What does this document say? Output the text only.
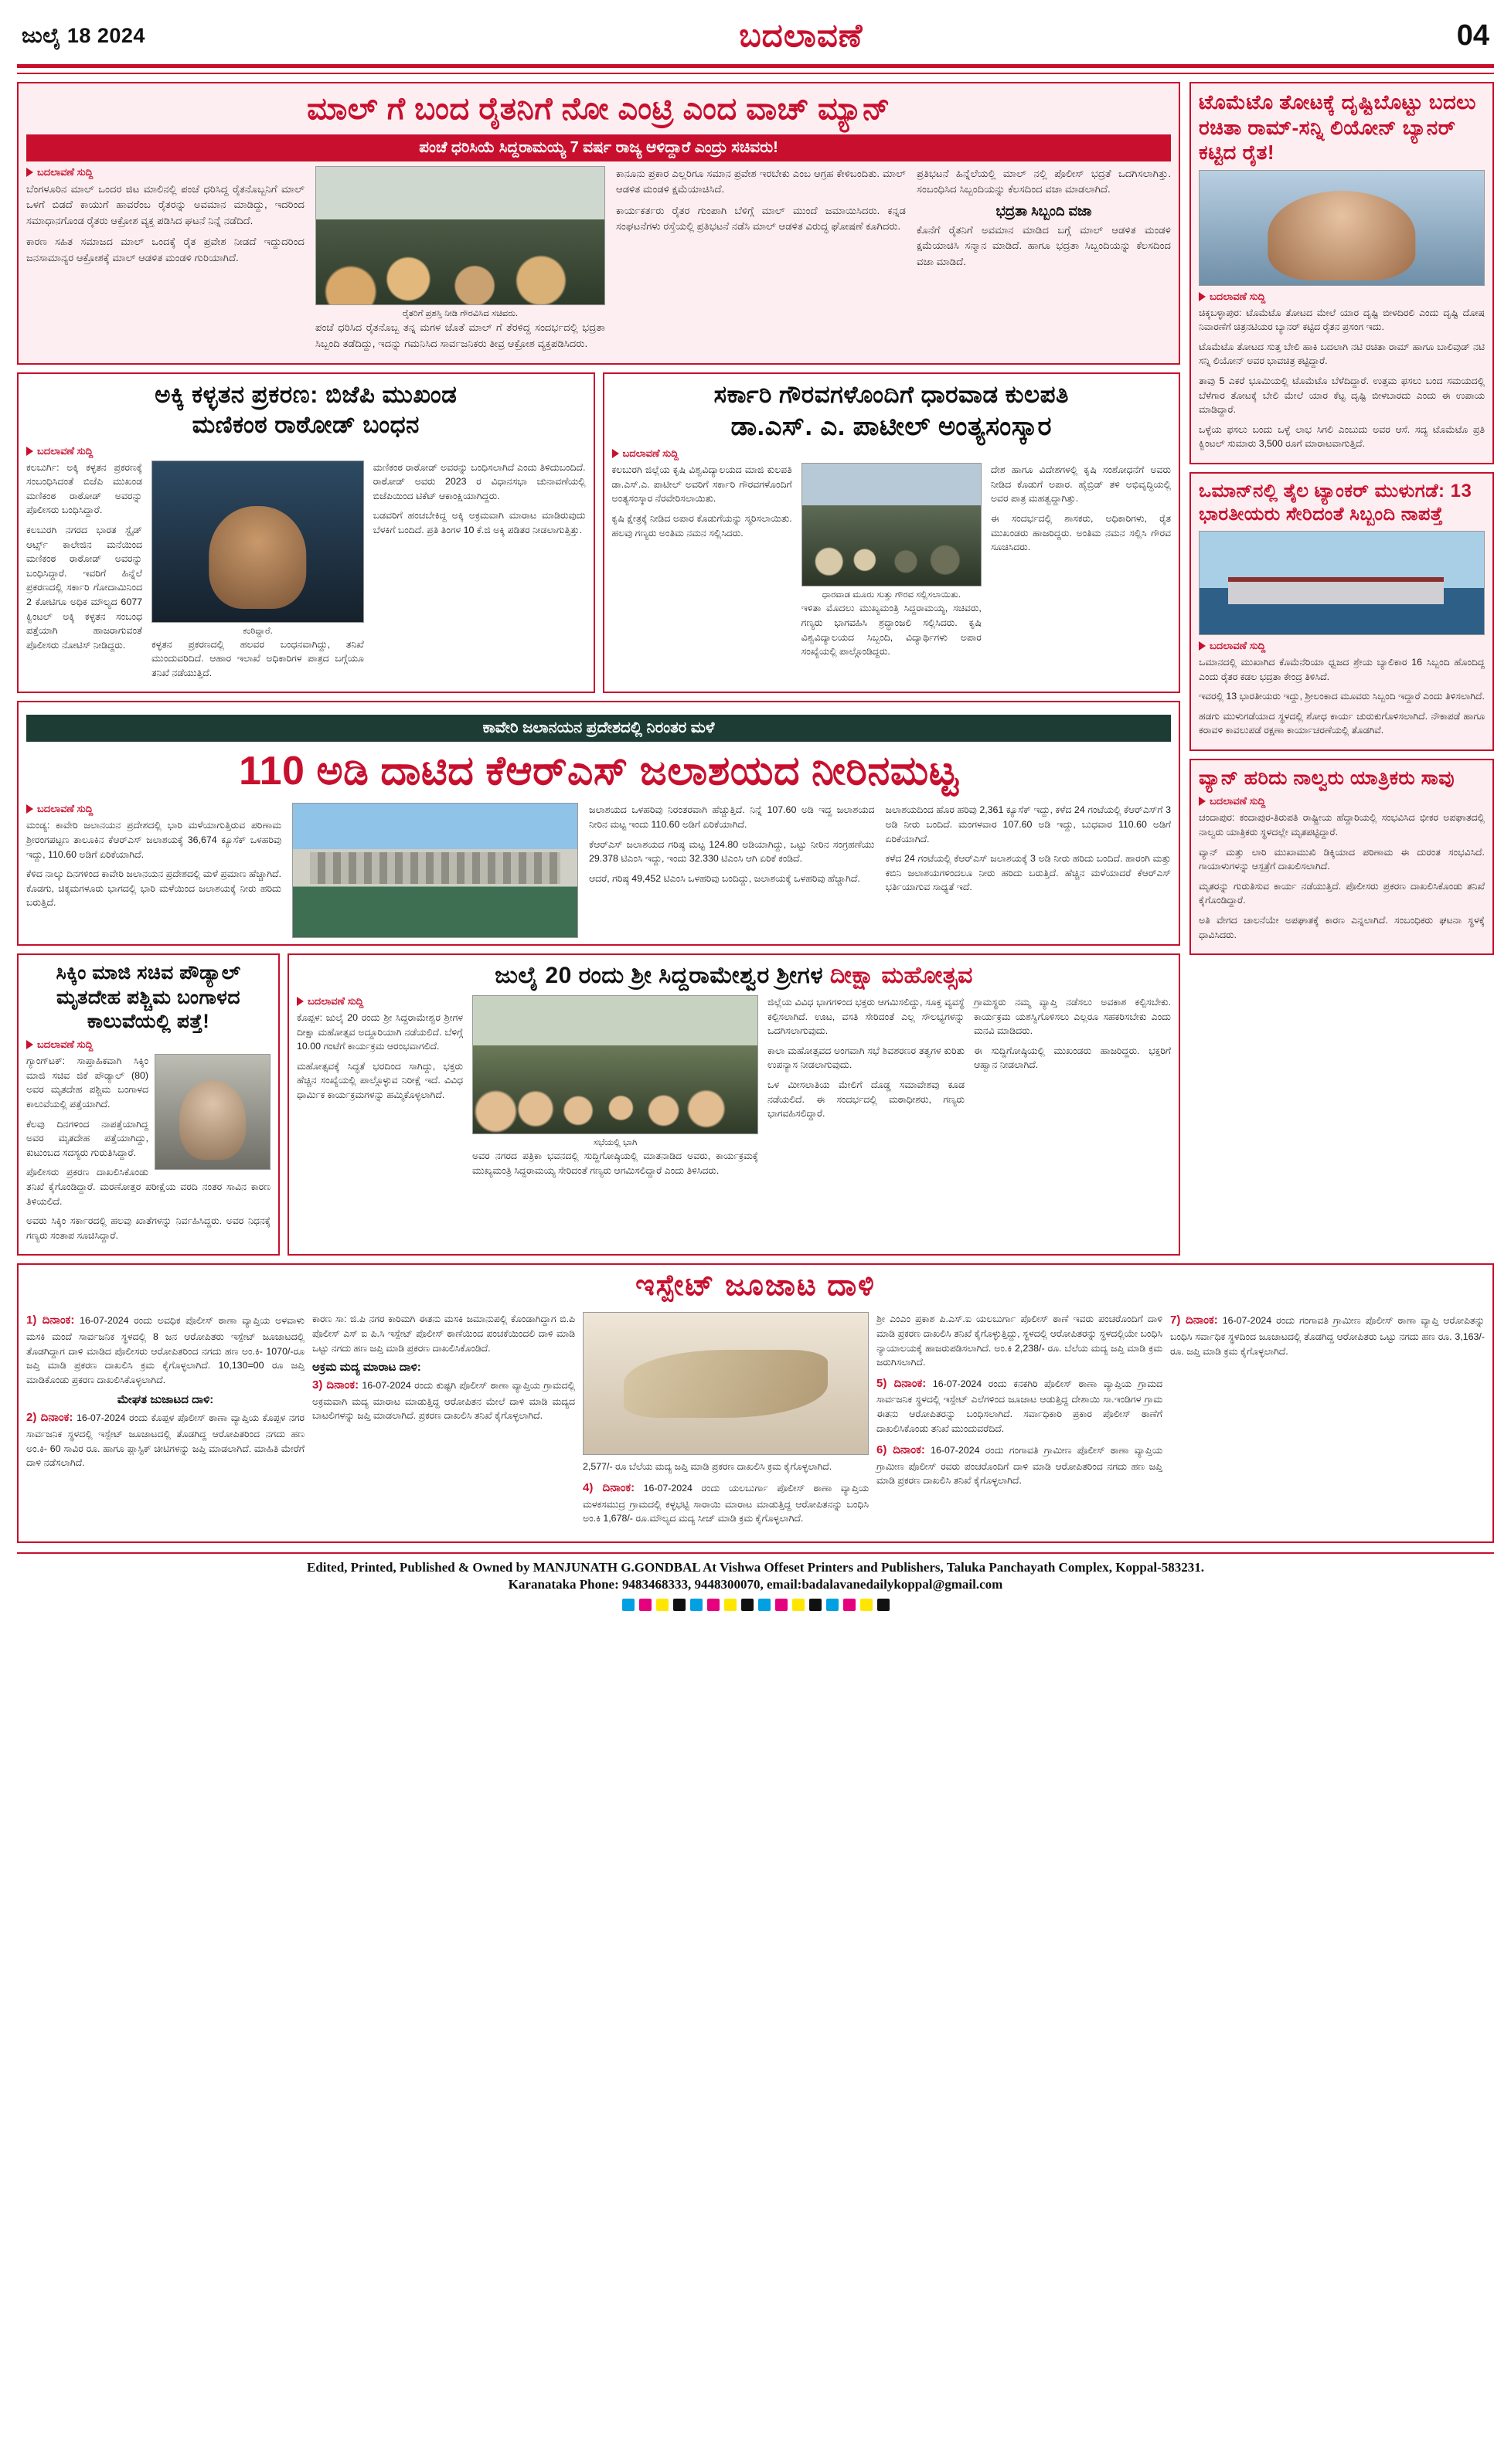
ಜುಲೈ 18 2024	ಬದಲಾವಣೆ	04
ಮಾಲ್ ಗೆ ಬಂದ ರೈತನಿಗೆ ನೋ ಎಂಟ್ರಿ ಎಂದ ವಾಚ್ ಮ್ಯಾನ್
ಪಂಚೆ ಧರಿಸಿಯೆ ಸಿದ್ದರಾಮಯ್ಯ 7 ವರ್ಷ ರಾಜ್ಯ ಆಳಿದ್ದಾರೆ ಎಂದ್ರು ಸಚಿವರು!
ಬದಲಾವಣೆ ಸುದ್ದಿ

ಬೆಂಗಳೂರಿನ ಮಾಲ್ ಒಂದರ ಜಿಟ ಮಾಲಿನಲ್ಲಿ ಪಂಚೆ ಧರಿಸಿದ್ದ ರೈತನೊಬ್ಬನಿಗೆ ಮಾಲ್ ಒಳಗೆ ಬಿಡದೆ ಕಾಯುಗೆ ಹಾವರೆಂಬ ರೈತರನ್ನು ಅವಮಾನ ಮಾಡಿದ್ದು, ಇದರಿಂದ ಸಮಾಧಾನಗೊಂಡ ರೈತರು ಆಕ್ರೋಶ ವ್ಯಕ್ತ ಪಡಿಸಿದ ಘಟನೆ ನಿನ್ನೆ ನಡೆದಿದೆ.

ಕಾರಣ ಸಹಿತ ಸಮಾಜದ ಮಾಲ್ ಒಂದಕ್ಕೆ ರೈತ ಪ್ರವೇಶ ನೀಡದೆ ಇದ್ದುದರಿಂದ ಜನಸಾಮಾನ್ಯರ ಆಕ್ರೋಶಕ್ಕೆ ಮಾಲ್ ಆಡಳಿತ ಮಂಡಳಿ ಗುರಿಯಾಗಿದೆ.

ರೈತರಿಗೆ ಪ್ರಶಸ್ತಿ ನೀಡಿ ಗೌರವಿಸಿದ ಸಚಿವರು.

ಪಂಚೆ ಧರಿಸಿದ ರೈತನೊಬ್ಬ ತನ್ನ ಮಗಳ ಜೊತೆ ಮಾಲ್ ಗೆ ತೆರಳಿದ್ದ ಸಂದರ್ಭದಲ್ಲಿ ಭದ್ರತಾ ಸಿಬ್ಬಂದಿ ತಡೆದಿದ್ದು, ಇದನ್ನು ಗಮನಿಸಿದ ಸಾರ್ವಜನಿಕರು ತೀವ್ರ ಆಕ್ರೋಶ ವ್ಯಕ್ತಪಡಿಸಿದರು.

ಕಾನೂನು ಪ್ರಕಾರ ಎಲ್ಲರಿಗೂ ಸಮಾನ ಪ್ರವೇಶ ಇರಬೇಕು ಎಂಬ ಆಗ್ರಹ ಕೇಳಿಬಂದಿತು. ಮಾಲ್ ಆಡಳಿತ ಮಂಡಳಿ ಕ್ಷಮೆಯಾಚಿಸಿದೆ.

ಕಾರ್ಯಕರ್ತರು ರೈತರ ಗುಂಪಾಗಿ ಬೆಳಿಗ್ಗೆ ಮಾಲ್ ಮುಂದೆ ಜಮಾಯಿಸಿದರು. ಕನ್ನಡ ಸಂಘಟನೆಗಳು ರಸ್ತೆಯಲ್ಲಿ ಪ್ರತಿಭಟನೆ ನಡೆಸಿ ಮಾಲ್ ಆಡಳಿತ ವಿರುದ್ಧ ಘೋಷಣೆ ಕೂಗಿದರು.

ಪ್ರತಿಭಟನೆ ಹಿನ್ನೆಲೆಯಲ್ಲಿ ಮಾಲ್ ನಲ್ಲಿ ಪೊಲೀಸ್ ಭದ್ರತೆ ಒದಗಿಸಲಾಗಿತ್ತು. ಸಂಬಂಧಿಸಿದ ಸಿಬ್ಬಂದಿಯನ್ನು ಕೆಲಸದಿಂದ ವಜಾ ಮಾಡಲಾಗಿದೆ.

ಭದ್ರತಾ ಸಿಬ್ಬಂದಿ ವಜಾ

ಕೊನೆಗೆ ರೈತನಿಗೆ ಅವಮಾನ ಮಾಡಿದ ಬಗ್ಗೆ ಮಾಲ್ ಆಡಳಿತ ಮಂಡಳಿ ಕ್ಷಮೆಯಾಚಿಸಿ ಸನ್ಮಾನ ಮಾಡಿದೆ. ಹಾಗೂ ಭದ್ರತಾ ಸಿಬ್ಬಂದಿಯನ್ನು ಕೆಲಸದಿಂದ ವಜಾ ಮಾಡಿದೆ.

ಅಕ್ಕಿ ಕಳ್ಳತನ ಪ್ರಕರಣ: ಬಿಜೆಪಿ ಮುಖಂಡ
ಮಣಿಕಂಠ ರಾಠೋಡ್ ಬಂಧನ
ಬದಲಾವಣೆ ಸುದ್ದಿ

ಕಲಬುರ್ಗಿ: ಅಕ್ಕಿ ಕಳ್ಳತನ ಪ್ರಕರಣಕ್ಕೆ ಸಂಬಂಧಿಸಿದಂತೆ ಬಿಜೆಪಿ ಮುಖಂಡ ಮಣಿಕಂಠ ರಾಠೋಡ್ ಅವರನ್ನು ಪೊಲೀಸರು ಬಂಧಿಸಿದ್ದಾರೆ.

ಕಲಬುರಗಿ ನಗರದ ಭಾರತ ಸ್ಟೈಡ್ ಆರ್ಟ್ಸ್ ಕಾಲೇಜಿನ ಮನೆಯಿಂದ ಮಣಿಕಂಠ ರಾಠೋಡ್ ಅವರನ್ನು ಬಂಧಿಸಿದ್ದಾರೆ. ಇವರಿಗೆ ಹಿನ್ನೆಲೆ ಪ್ರಕರಣದಲ್ಲಿ ಸರ್ಕಾರಿ ಗೋದಾಮಿನಿಂದ 2 ಕೋಟಿಗೂ ಅಧಿಕ ಮೌಲ್ಯದ 6077 ಕ್ವಿಂಟಲ್ ಅಕ್ಕಿ ಕಳ್ಳತನ ಸಂಬಂಧ ಪತ್ತೆಯಾಗಿ ಹಾಜರಾಗುವಂತೆ ಪೊಲೀಸರು ನೋಟಿಸ್ ನೀಡಿದ್ದರು.

ಕಂಠಿದ್ದಾರೆ.

ಕಳ್ಳತನ ಪ್ರಕರಣದಲ್ಲಿ ಹಲವರ ಬಂಧನವಾಗಿದ್ದು, ತನಿಖೆ ಮುಂದುವರಿದಿದೆ. ಆಹಾರ ಇಲಾಖೆ ಅಧಿಕಾರಿಗಳ ಪಾತ್ರದ ಬಗ್ಗೆಯೂ ತನಿಖೆ ನಡೆಯುತ್ತಿದೆ.

ಮಣಿಕಂಠ ರಾಠೋಡ್ ಅವರನ್ನು ಬಂಧಿಸಲಾಗಿದೆ ಎಂದು ತಿಳಿದುಬಂದಿದೆ. ರಾಠೋಡ್ ಅವರು 2023 ರ ವಿಧಾನಸಭಾ ಚುನಾವಣೆಯಲ್ಲಿ ಬಿಜೆಪಿಯಿಂದ ಟಿಕೆಟ್ ಆಕಾಂಕ್ಷಿಯಾಗಿದ್ದರು.

ಬಡವರಿಗೆ ಹಂಚಬೇಕಿದ್ದ ಅಕ್ಕಿ ಅಕ್ರಮವಾಗಿ ಮಾರಾಟ ಮಾಡಿರುವುದು ಬೆಳಕಿಗೆ ಬಂದಿದೆ. ಪ್ರತಿ ತಿಂಗಳ 10 ಕೆ.ಜಿ ಅಕ್ಕಿ ಪಡಿತರ ನೀಡಲಾಗುತ್ತಿತ್ತು.

ಸರ್ಕಾರಿ ಗೌರವಗಳೊಂದಿಗೆ ಧಾರವಾಡ ಕುಲಪತಿ
ಡಾ.ಎಸ್. ಎ. ಪಾಟೀಲ್ ಅಂತ್ಯಸಂಸ್ಕಾರ
ಬದಲಾವಣೆ ಸುದ್ದಿ

ಕಲಬುರಗಿ ಜಿಲ್ಲೆಯ ಕೃಷಿ ವಿಶ್ವವಿದ್ಯಾಲಯದ ಮಾಜಿ ಕುಲಪತಿ ಡಾ.ಎಸ್.ಎ. ಪಾಟೀಲ್ ಅವರಿಗೆ ಸರ್ಕಾರಿ ಗೌರವಗಳೊಂದಿಗೆ ಅಂತ್ಯಸಂಸ್ಕಾರ ನೆರವೇರಿಸಲಾಯಿತು.

ಕೃಷಿ ಕ್ಷೇತ್ರಕ್ಕೆ ನೀಡಿದ ಅಪಾರ ಕೊಡುಗೆಯನ್ನು ಸ್ಮರಿಸಲಾಯಿತು. ಹಲವು ಗಣ್ಯರು ಅಂತಿಮ ನಮನ ಸಲ್ಲಿಸಿದರು.

ಧಾರವಾಡ ಮೂರು ಸುತ್ತು ಗೌರವ ಸಲ್ಲಿಸಲಾಯಿತು.

ಇಳಿತಾ ಮೊದಲು ಮುಖ್ಯಮಂತ್ರಿ ಸಿದ್ದರಾಮಯ್ಯ, ಸಚಿವರು, ಗಣ್ಯರು ಭಾಗವಹಿಸಿ ಶ್ರದ್ಧಾಂಜಲಿ ಸಲ್ಲಿಸಿದರು. ಕೃಷಿ ವಿಶ್ವವಿದ್ಯಾಲಯದ ಸಿಬ್ಬಂದಿ, ವಿದ್ಯಾರ್ಥಿಗಳು ಅಪಾರ ಸಂಖ್ಯೆಯಲ್ಲಿ ಪಾಲ್ಗೊಂಡಿದ್ದರು.

ದೇಶ ಹಾಗೂ ವಿದೇಶಗಳಲ್ಲಿ ಕೃಷಿ ಸಂಶೋಧನೆಗೆ ಅವರು ನೀಡಿದ ಕೊಡುಗೆ ಅಪಾರ. ಹೈಬ್ರಿಡ್ ತಳಿ ಅಭಿವೃದ್ಧಿಯಲ್ಲಿ ಅವರ ಪಾತ್ರ ಮಹತ್ವದ್ದಾಗಿತ್ತು.

ಈ ಸಂದರ್ಭದಲ್ಲಿ ಶಾಸಕರು, ಅಧಿಕಾರಿಗಳು, ರೈತ ಮುಖಂಡರು ಹಾಜರಿದ್ದರು. ಅಂತಿಮ ನಮನ ಸಲ್ಲಿಸಿ ಗೌರವ ಸೂಚಿಸಿದರು.

ಕಾವೇರಿ ಜಲಾನಯನ ಪ್ರದೇಶದಲ್ಲಿ ನಿರಂತರ ಮಳೆ
110 ಅಡಿ ದಾಟಿದ ಕೆಆರ್‌ಎಸ್ ಜಲಾಶಯದ ನೀರಿನಮಟ್ಟ
ಬದಲಾವಣೆ ಸುದ್ದಿ

ಮಂಡ್ಯ: ಕಾವೇರಿ ಜಲಾನಯನ ಪ್ರದೇಶದಲ್ಲಿ ಭಾರಿ ಮಳೆಯಾಗುತ್ತಿರುವ ಪರಿಣಾಮ ಶ್ರೀರಂಗಪಟ್ಟಣ ತಾಲೂಕಿನ ಕೆಆರ್‌ಎಸ್ ಜಲಾಶಯಕ್ಕೆ 36,674 ಕ್ಯೂಸೆಕ್ ಒಳಹರಿವು ಇದ್ದು, 110.60 ಅಡಿಗೆ ಏರಿಕೆಯಾಗಿದೆ.

ಕೆಳಿದ ನಾಲ್ಕು ದಿನಗಳಿಂದ ಕಾವೇರಿ ಜಲಾನಯನ ಪ್ರದೇಶದಲ್ಲಿ ಮಳೆ ಪ್ರಮಾಣ ಹೆಚ್ಚಾಗಿದೆ. ಕೊಡಗು, ಚಿಕ್ಕಮಗಳೂರು ಭಾಗದಲ್ಲಿ ಭಾರಿ ಮಳೆಯಿಂದ ಜಲಾಶಯಕ್ಕೆ ನೀರು ಹರಿದು ಬರುತ್ತಿದೆ.

ಜಲಾಶಯದ ಒಳಹರಿವು ನಿರಂತರವಾಗಿ ಹೆಚ್ಚುತ್ತಿದೆ. ನಿನ್ನೆ 107.60 ಅಡಿ ಇದ್ದ ಜಲಾಶಯದ ನೀರಿನ ಮಟ್ಟ ಇಂದು 110.60 ಅಡಿಗೆ ಏರಿಕೆಯಾಗಿದೆ.

ಕೆಆರ್‌ಎಸ್ ಜಲಾಶಯದ ಗರಿಷ್ಠ ಮಟ್ಟ 124.80 ಅಡಿಯಾಗಿದ್ದು, ಒಟ್ಟು ನೀರಿನ ಸಂಗ್ರಹಣೆಯು 29.378 ಟಿಎಂಸಿ ಇದ್ದು, ಇಂದು 32.330 ಟಿಎಂಸಿ ಆಗಿ ಏರಿಕೆ ಕಂಡಿದೆ.

ಆದರೆ, ಗರಿಷ್ಠ 49,452 ಟಿಎಂಸಿ ಒಳಹರಿವು ಬಂದಿದ್ದು, ಜಲಾಶಯಕ್ಕೆ ಒಳಹರಿವು ಹೆಚ್ಚಾಗಿದೆ.

ಜಲಾಶಯದಿಂದ ಹೊರ ಹರಿವು 2,361 ಕ್ಯೂಸೆಕ್ ಇದ್ದು, ಕಳೆದ 24 ಗಂಟೆಯಲ್ಲಿ ಕೆಆರ್‌ಎಸ್‌ಗೆ 3 ಅಡಿ ನೀರು ಬಂದಿದೆ. ಮಂಗಳವಾರ 107.60 ಅಡಿ ಇದ್ದು, ಬುಧವಾರ 110.60 ಅಡಿಗೆ ಏರಿಕೆಯಾಗಿದೆ.

ಕಳೆದ 24 ಗಂಟೆಯಲ್ಲಿ ಕೆಆರ್‌ಎಸ್ ಜಲಾಶಯಕ್ಕೆ 3 ಅಡಿ ನೀರು ಹರಿದು ಬಂದಿದೆ. ಹಾರಂಗಿ ಮತ್ತು ಕಬಿನಿ ಜಲಾಶಯಗಳಿಂದಲೂ ನೀರು ಹರಿದು ಬರುತ್ತಿದೆ. ಹೆಚ್ಚಿನ ಮಳೆಯಾದರೆ ಕೆಆರ್‌ಎಸ್ ಭರ್ತಿಯಾಗುವ ಸಾಧ್ಯತೆ ಇದೆ.

ಸಿಕ್ಕಿಂ ಮಾಜಿ ಸಚಿವ ಪೌಡ್ಯಾಲ್ ಮೃತದೇಹ ಪಶ್ಚಿಮ ಬಂಗಾಳದ ಕಾಲುವೆಯಲ್ಲಿ ಪತ್ತೆ!
ಬದಲಾವಣೆ ಸುದ್ದಿ

ಗ್ಯಾಂಗ್‌ಟಕ್: ಸಾಪ್ತಾಹಿಕವಾಗಿ ಸಿಕ್ಕಿಂ ಮಾಜಿ ಸಚಿವ ಜಿಕೆ ಪೌಡ್ಯಾಲ್ (80) ಅವರ ಮೃತದೇಹ ಪಶ್ಚಿಮ ಬಂಗಾಳದ ಕಾಲುವೆಯಲ್ಲಿ ಪತ್ತೆಯಾಗಿದೆ.

ಕೆಲವು ದಿನಗಳಿಂದ ನಾಪತ್ತೆಯಾಗಿದ್ದ ಅವರ ಮೃತದೇಹ ಪತ್ತೆಯಾಗಿದ್ದು, ಕುಟುಂಬದ ಸದಸ್ಯರು ಗುರುತಿಸಿದ್ದಾರೆ.

ಪೊಲೀಸರು ಪ್ರಕರಣ ದಾಖಲಿಸಿಕೊಂಡು ತನಿಖೆ ಕೈಗೊಂಡಿದ್ದಾರೆ. ಮರಣೋತ್ತರ ಪರೀಕ್ಷೆಯ ವರದಿ ನಂತರ ಸಾವಿನ ಕಾರಣ ತಿಳಿಯಲಿದೆ.

ಅವರು ಸಿಕ್ಕಿಂ ಸರ್ಕಾರದಲ್ಲಿ ಹಲವು ಖಾತೆಗಳನ್ನು ನಿರ್ವಹಿಸಿದ್ದರು. ಅವರ ನಿಧನಕ್ಕೆ ಗಣ್ಯರು ಸಂತಾಪ ಸೂಚಿಸಿದ್ದಾರೆ.

ಜುಲೈ 20 ರಂದು ಶ್ರೀ ಸಿದ್ದರಾಮೇಶ್ವರ ಶ್ರೀಗಳ ದೀಕ್ಷಾ ಮಹೋತ್ಸವ
ಬದಲಾವಣೆ ಸುದ್ದಿ

ಕೊಪ್ಪಳ: ಜುಲೈ 20 ರಂದು ಶ್ರೀ ಸಿದ್ದರಾಮೇಶ್ವರ ಶ್ರೀಗಳ ದೀಕ್ಷಾ ಮಹೋತ್ಸವ ಅದ್ದೂರಿಯಾಗಿ ನಡೆಯಲಿದೆ. ಬೆಳಿಗ್ಗೆ 10.00 ಗಂಟೆಗೆ ಕಾರ್ಯಕ್ರಮ ಆರಂಭವಾಗಲಿದೆ.

ಮಹೋತ್ಸವಕ್ಕೆ ಸಿದ್ಧತೆ ಭರದಿಂದ ಸಾಗಿದ್ದು, ಭಕ್ತರು ಹೆಚ್ಚಿನ ಸಂಖ್ಯೆಯಲ್ಲಿ ಪಾಲ್ಗೊಳ್ಳುವ ನಿರೀಕ್ಷೆ ಇದೆ. ವಿವಿಧ ಧಾರ್ಮಿಕ ಕಾರ್ಯಕ್ರಮಗಳನ್ನು ಹಮ್ಮಿಕೊಳ್ಳಲಾಗಿದೆ.

ಸಭೆಯಲ್ಲಿ ಭಾಗಿ

ಅವರ ನಗರದ ಪತ್ರಿಕಾ ಭವನದಲ್ಲಿ ಸುದ್ದಿಗೋಷ್ಠಿಯಲ್ಲಿ ಮಾತನಾಡಿದ ಅವರು, ಕಾರ್ಯಕ್ರಮಕ್ಕೆ ಮುಖ್ಯಮಂತ್ರಿ ಸಿದ್ದರಾಮಯ್ಯ ಸೇರಿದಂತೆ ಗಣ್ಯರು ಆಗಮಿಸಲಿದ್ದಾರೆ ಎಂದು ತಿಳಿಸಿದರು.

ಜಿಲ್ಲೆಯ ವಿವಿಧ ಭಾಗಗಳಿಂದ ಭಕ್ತರು ಆಗಮಿಸಲಿದ್ದು, ಸೂಕ್ತ ವ್ಯವಸ್ಥೆ ಕಲ್ಪಿಸಲಾಗಿದೆ. ಊಟ, ವಸತಿ ಸೇರಿದಂತೆ ಎಲ್ಲ ಸೌಲಭ್ಯಗಳನ್ನು ಒದಗಿಸಲಾಗುವುದು.

ಕಾಲಾ ಮಹೋತ್ಸವದ ಅಂಗವಾಗಿ ಸಭೆ ಶಿವಶರಣರ ತತ್ವಗಳ ಕುರಿತು ಉಪನ್ಯಾಸ ನೀಡಲಾಗುವುದು.

ಒಳ ಮೀಸಲಾತಿಯ ಮೇಲಿಗೆ ದೊಡ್ಡ ಸಮಾವೇಶವು ಕೂಡ ನಡೆಯಲಿದೆ. ಈ ಸಂದರ್ಭದಲ್ಲಿ ಮಠಾಧೀಶರು, ಗಣ್ಯರು ಭಾಗವಹಿಸಲಿದ್ದಾರೆ.

ಗ್ರಾಮಸ್ಥರು ನಮ್ಮ ವ್ಯಾಪ್ತಿ ನಡೆಸಲು ಅವಕಾಶ ಕಲ್ಪಿಸಬೇಕು. ಕಾರ್ಯಕ್ರಮ ಯಶಸ್ವಿಗೊಳಿಸಲು ಎಲ್ಲರೂ ಸಹಕರಿಸಬೇಕು ಎಂದು ಮನವಿ ಮಾಡಿದರು.

ಈ ಸುದ್ದಿಗೋಷ್ಠಿಯಲ್ಲಿ ಮುಖಂಡರು ಹಾಜರಿದ್ದರು. ಭಕ್ತರಿಗೆ ಆಹ್ವಾನ ನೀಡಲಾಗಿದೆ.

ಟೊಮೆಟೊ ತೋಟಕ್ಕೆ ದೃಷ್ಟಿಬೊಟ್ಟು ಬದಲು ರಚಿತಾ ರಾಮ್-ಸನ್ನಿ ಲಿಯೋನ್ ಬ್ಯಾನರ್ ಕಟ್ಟಿದ ರೈತ!
ಬದಲಾವಣೆ ಸುದ್ದಿ

ಚಿಕ್ಕಬಳ್ಳಾಪುರ: ಟೊಮೆಟೊ ತೋಟದ ಮೇಲೆ ಯಾರ ದೃಷ್ಟಿ ಬೀಳದಿರಲಿ ಎಂದು ದೃಷ್ಟಿ ದೋಷ ನಿವಾರಣೆಗೆ ಚಿತ್ರನಟಿಯರ ಬ್ಯಾನರ್ ಕಟ್ಟಿದ ರೈತನ ಪ್ರಸಂಗ ಇದು.

ಟೊಮೆಟೊ ತೋಟದ ಸುತ್ತ ಬೇಲಿ ಹಾಕಿ ಬದಲಾಗಿ ನಟಿ ರಚಿತಾ ರಾಮ್ ಹಾಗೂ ಬಾಲಿವುಡ್ ನಟಿ ಸನ್ನಿ ಲಿಯೋನ್ ಅವರ ಭಾವಚಿತ್ರ ಕಟ್ಟಿದ್ದಾರೆ.

ತಾವು 5 ಎಕರೆ ಭೂಮಿಯಲ್ಲಿ ಟೊಮೆಟೊ ಬೆಳೆದಿದ್ದಾರೆ. ಉತ್ತಮ ಫಸಲು ಬಂದ ಸಮಯದಲ್ಲಿ ಬೆಳೆಗಾರ ತೋಟಕ್ಕೆ ಬೇಲಿ ಮೇಲೆ ಯಾರ ಕೆಟ್ಟ ದೃಷ್ಟಿ ಬೀಳಬಾರದು ಎಂದು ಈ ಉಪಾಯ ಮಾಡಿದ್ದಾರೆ.

ಒಳ್ಳೆಯ ಫಸಲು ಬಂದು ಒಳ್ಳೆ ಲಾಭ ಸಿಗಲಿ ಎಂಬುದು ಅವರ ಆಸೆ. ಸದ್ಯ ಟೊಮೆಟೊ ಪ್ರತಿ ಕ್ವಿಂಟಲ್ ಸುಮಾರು 3,500 ರೂಗೆ ಮಾರಾಟವಾಗುತ್ತಿದೆ.

ಒಮಾನ್‌ನಲ್ಲಿ ತೈಲ ಟ್ಯಾಂಕರ್ ಮುಳುಗಡೆ: 13 ಭಾರತೀಯರು ಸೇರಿದಂತೆ ಸಿಬ್ಬಂದಿ ನಾಪತ್ತೆ
ಬದಲಾವಣೆ ಸುದ್ದಿ

ಒಮಾನದಲ್ಲಿ ಮುಖಾಗಿದ ಕೊಮೆನೆರಿಯಾ ಧ್ವಜದ ಶ್ರೇಯ ಬ್ಯಾಲಿಕಾರ 16 ಸಿಬ್ಬಂದಿ ಹೊಂದಿದ್ದ ಎಂದು ರೈತರ ಕಡಲ ಭದ್ರತಾ ಕೇಂದ್ರ ತಿಳಿಸಿದೆ.

ಇವರಲ್ಲಿ 13 ಭಾರತೀಯರು ಇದ್ದು, ಶ್ರೀಲಂಕಾದ ಮೂವರು ಸಿಬ್ಬಂದಿ ಇದ್ದಾರೆ ಎಂದು ತಿಳಿಸಲಾಗಿದೆ.

ಹಡಗು ಮುಳುಗಡೆಯಾದ ಸ್ಥಳದಲ್ಲಿ ಶೋಧ ಕಾರ್ಯ ಚುರುಕುಗೊಳಿಸಲಾಗಿದೆ. ನೌಕಾಪಡೆ ಹಾಗೂ ಕರಾವಳಿ ಕಾವಲುಪಡೆ ರಕ್ಷಣಾ ಕಾರ್ಯಾಚರಣೆಯಲ್ಲಿ ತೊಡಗಿವೆ.

ವ್ಯಾನ್ ಹರಿದು ನಾಲ್ವರು ಯಾತ್ರಿಕರು ಸಾವು
ಬದಲಾವಣೆ ಸುದ್ದಿ

ಚಂದಾಪುರ: ಕಂದಾಪುರ-ತಿರುಪತಿ ರಾಷ್ಟ್ರೀಯ ಹೆದ್ದಾರಿಯಲ್ಲಿ ಸಂಭವಿಸಿದ ಭೀಕರ ಅಪಘಾತದಲ್ಲಿ ನಾಲ್ವರು ಯಾತ್ರಿಕರು ಸ್ಥಳದಲ್ಲೇ ಮೃತಪಟ್ಟಿದ್ದಾರೆ.

ವ್ಯಾನ್ ಮತ್ತು ಲಾರಿ ಮುಖಾಮುಖಿ ಡಿಕ್ಕಿಯಾದ ಪರಿಣಾಮ ಈ ದುರಂತ ಸಂಭವಿಸಿದೆ. ಗಾಯಾಳುಗಳನ್ನು ಆಸ್ಪತ್ರೆಗೆ ದಾಖಲಿಸಲಾಗಿದೆ.

ಮೃತರನ್ನು ಗುರುತಿಸುವ ಕಾರ್ಯ ನಡೆಯುತ್ತಿದೆ. ಪೊಲೀಸರು ಪ್ರಕರಣ ದಾಖಲಿಸಿಕೊಂಡು ತನಿಖೆ ಕೈಗೊಂಡಿದ್ದಾರೆ.

ಅತಿ ವೇಗದ ಚಾಲನೆಯೇ ಅಪಘಾತಕ್ಕೆ ಕಾರಣ ಎನ್ನಲಾಗಿದೆ. ಸಂಬಂಧಿಕರು ಘಟನಾ ಸ್ಥಳಕ್ಕೆ ಧಾವಿಸಿದರು.

ಇಸ್ಪೇಟ್ ಜೂಜಾಟ ದಾಳಿ

1) ದಿನಾಂಕ: 16-07-2024 ರಂದು ಅವಧಿಕ ಪೊಲೀಸ್ ಠಾಣಾ ವ್ಯಾಪ್ತಿಯ ಅಳವಾಳು ಮಸಕಿ ಮಂದೆ ಸಾರ್ವಜನಿಕ ಸ್ಥಳದಲ್ಲಿ 8 ಜನ ಆರೋಪಿತರು ಇಸ್ಪೇಟ್ ಜೂಜಾಟದಲ್ಲಿ ತೊಡಗಿದ್ದಾಗ ದಾಳಿ ಮಾಡಿದ ಪೊಲೀಸರು ಆರೋಪಿತರಿಂದ ನಗದು ಹಣ ಅಂ.ಕಿ- 1070/-ರೂ ಜಪ್ತಿ ಮಾಡಿ ಪ್ರಕರಣ ದಾಖಲಿಸಿ ಕ್ರಮ ಕೈಗೊಳ್ಳಲಾಗಿದೆ. 10,130=00 ರೂ ಜಪ್ತಿ ಮಾಡಿಕೊಂಡು ಪ್ರಕರಣ ದಾಖಲಿಸಿಕೊಳ್ಳಲಾಗಿದೆ.

ಮೇಘತ ಜುಜಾಟದ ದಾಳಿ:

2) ದಿನಾಂಕ: 16-07-2024 ರಂದು ಕೊಪ್ಪಳ ಪೊಲೀಸ್ ಠಾಣಾ ವ್ಯಾಪ್ತಿಯ ಕೊಪ್ಪಳ ನಗರ ಸಾರ್ವಜನಿಕ ಸ್ಥಳದಲ್ಲಿ ಇಸ್ಪೇಟ್ ಜೂಜಾಟದಲ್ಲಿ ತೊಡಗಿದ್ದ ಆರೋಪಿತರಿಂದ ನಗದು ಹಣ ಅಂ.ಕಿ- 60 ಸಾವಿರ ರೂ. ಹಾಗೂ ಪ್ಲಾಸ್ಟಿಕ್ ಚೀಟಿಗಳನ್ನು ಜಪ್ತಿ ಮಾಡಲಾಗಿದೆ. ಮಾಹಿತಿ ಮೇರೆಗೆ ದಾಳಿ ನಡೆಸಲಾಗಿದೆ.

ಕಾರಣ ಸಾ: ಜಿ.ಪಿ ನಗರ ಕಾರಿಮಗಿ ಈತನು ಮಸಕಿ ಜಮಾನುಪಲ್ಲಿ ಕೊಂಡಾಗಿದ್ದಾಗ ಬಿ.ಪಿ ಪೊಲೀಸ್ ಎಸ್ ಐ ಪಿ.ಸಿ ಇಸ್ಪೇಟ್ ಪೊಲೀಸ್ ಠಾಣೆಯಿಂದ ಪಂಚಕೆಯಿಂದಲಿ ದಾಳಿ ಮಾಡಿ ಒಟ್ಟು ನಗದು ಹಣ ಜಪ್ತಿ ಮಾಡಿ ಪ್ರಕರಣ ದಾಖಲಿಸಿಕೊಂಡಿದೆ.

ಅಕ್ರಮ ಮದ್ಯ ಮಾರಾಟ ದಾಳಿ:

3) ದಿನಾಂಕ: 16-07-2024 ರಂದು ಕುಷ್ಟಗಿ ಪೊಲೀಸ್ ಠಾಣಾ ವ್ಯಾಪ್ತಿಯ ಗ್ರಾಮದಲ್ಲಿ ಅಕ್ರಮವಾಗಿ ಮದ್ಯ ಮಾರಾಟ ಮಾಡುತ್ತಿದ್ದ ಆರೋಪಿತನ ಮೇಲೆ ದಾಳಿ ಮಾಡಿ ಮದ್ಯದ ಬಾಟಲಿಗಳನ್ನು ಜಪ್ತಿ ಮಾಡಲಾಗಿದೆ. ಪ್ರಕರಣ ದಾಖಲಿಸಿ ತನಿಖೆ ಕೈಗೊಳ್ಳಲಾಗಿದೆ.

2,577/- ರೂ ಬೆಲೆಯ ಮದ್ಯ ಜಪ್ತಿ ಮಾಡಿ ಪ್ರಕರಣ ದಾಖಲಿಸಿ ಕ್ರಮ ಕೈಗೊಳ್ಳಲಾಗಿದೆ.

4) ದಿನಾಂಕ: 16-07-2024 ರಂದು ಯಲಬುರ್ಗಾ ಪೊಲೀಸ್ ಠಾಣಾ ವ್ಯಾಪ್ತಿಯ ಮಳಕಸಮುದ್ರ ಗ್ರಾಮದಲ್ಲಿ ಕಳ್ಳಭಟ್ಟಿ ಸಾರಾಯಿ ಮಾರಾಟ ಮಾಡುತ್ತಿದ್ದ ಆರೋಪಿತನನ್ನು ಬಂಧಿಸಿ ಅಂ.ಕಿ 1,678/- ರೂ.ಮೌಲ್ಯದ ಮದ್ಯ ಸೀಜ್ ಮಾಡಿ ಕ್ರಮ ಕೈಗೊಳ್ಳಲಾಗಿದೆ.

ಶ್ರೀ ಎಂಎಂ ಪ್ರಕಾಶ ಪಿ.ಎಸ್.ಐ ಯಲಬುರ್ಗಾ ಪೊಲೀಸ್ ಠಾಣೆ ಇವರು ಪಂಚರೊಂದಿಗೆ ದಾಳಿ ಮಾಡಿ ಪ್ರಕರಣ ದಾಖಲಿಸಿ ತನಿಖೆ ಕೈಗೊಳ್ಳುತ್ತಿದ್ದು, ಸ್ಥಳದಲ್ಲಿ ಆರೋಪಿತರನ್ನು ಸ್ಥಳದಲ್ಲಿಯೇ ಬಂಧಿಸಿ ನ್ಯಾಯಾಲಯಕ್ಕೆ ಹಾಜರುಪಡಿಸಲಾಗಿದೆ. ಅಂ.ಕಿ 2,238/- ರೂ. ಬೆಲೆಯ ಮದ್ಯ ಜಪ್ತಿ ಮಾಡಿ ಕ್ರಮ ಜರುಗಿಸಲಾಗಿದೆ.

5) ದಿನಾಂಕ: 16-07-2024 ರಂದು ಕನಕಗಿರಿ ಪೊಲೀಸ್ ಠಾಣಾ ವ್ಯಾಪ್ತಿಯ ಗ್ರಾಮದ ಸಾರ್ವಜನಿಕ ಸ್ಥಳದಲ್ಲಿ ಇಸ್ಪೇಟ್ ಎಲೆಗಳಿಂದ ಜೂಜಾಟ ಆಡುತ್ತಿದ್ದ ದೇಶಾಯಿ ಸಾ.ಇಂಡಿಗಳ ಗ್ರಾಮ ಈತನು ಆರೋಪಿತರನ್ನು ಬಂಧಿಸಲಾಗಿದೆ. ಸರ್ವಾಧಿಕಾರಿ ಪ್ರಕಾರ ಪೊಲೀಸ್ ಠಾಣೆಗೆ ದಾಖಲಿಸಿಕೊಂಡು ತನಿಖೆ ಮುಂದುವರೆದಿದೆ.

6) ದಿನಾಂಕ: 16-07-2024 ರಂದು ಗಂಗಾವತಿ ಗ್ರಾಮೀಣ ಪೊಲೀಸ್ ಠಾಣಾ ವ್ಯಾಪ್ತಿಯ ಗ್ರಾಮೀಣ ಪೊಲೀಸ್ ರವರು ಪಂಚರೊಂದಿಗೆ ದಾಳಿ ಮಾಡಿ ಆರೋಪಿತರಿಂದ ನಗದು ಹಣ ಜಪ್ತಿ ಮಾಡಿ ಪ್ರಕರಣ ದಾಖಲಿಸಿ ತನಿಖೆ ಕೈಗೊಳ್ಳಲಾಗಿದೆ.

7) ದಿನಾಂಕ: 16-07-2024 ರಂದು ಗಂಗಾವತಿ ಗ್ರಾಮೀಣ ಪೊಲೀಸ್ ಠಾಣಾ ವ್ಯಾಪ್ತಿ ಆರೋಪಿತನ್ನು ಬಂಧಿಸಿ ಸರ್ವಾಧಿಕ ಸ್ಥಳದಿಂದ ಜೂಜಾಟದಲ್ಲಿ ತೊಡಗಿದ್ದ ಆರೋಪಿತರು ಒಟ್ಟು ನಗದು ಹಣ ರೂ. 3,163/- ರೂ. ಜಪ್ತಿ ಮಾಡಿ ಕ್ರಮ ಕೈಗೊಳ್ಳಲಾಗಿದೆ.

Edited, Printed, Published & Owned by MANJUNATH G.GONDBAL At Vishwa Offeset Printers and Publishers, Taluka Panchayath Complex, Koppal-583231.
Karanataka Phone: 9483468333, 9448300070, email:badalavanedailykoppal@gmail.com
